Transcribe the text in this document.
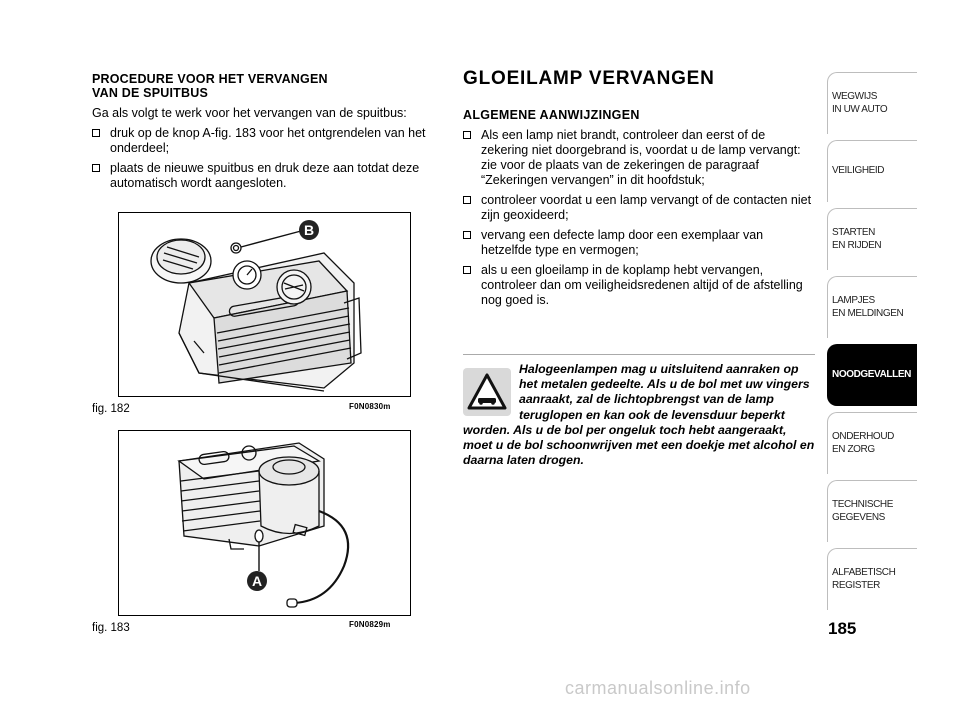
PROCEDURE VOOR HET VERVANGEN
VAN DE SPUITBUS
Ga als volgt te werk voor het vervangen van de spuitbus:
druk op de knop A-fig. 183 voor het ontgrendelen van het onderdeel;
plaats de nieuwe spuitbus en druk deze aan totdat deze automatisch wordt aangesloten.
B
fig. 182	F0N0830m
A
fig. 183	F0N0829m
GLOEILAMP VERVANGEN
ALGEMENE AANWIJZINGEN
Als een lamp niet brandt, controleer dan eerst of de zekering niet doorgebrand is, voordat u de lamp vervangt: zie voor de plaats van de zekeringen de paragraaf “Zekeringen vervangen” in dit hoofdstuk;
controleer voordat u een lamp vervangt of de contacten niet zijn geoxideerd;
vervang een defecte lamp door een exemplaar van hetzelfde type en vermogen;
als u een gloeilamp in de koplamp hebt vervangen, controleer dan om veiligheidsredenen altijd of de afstelling nog goed is.
Halogeenlampen mag u uitsluitend aanraken op het metalen gedeelte. Als u de bol met uw vingers aanraakt, zal de lichtopbrengst van de lamp teruglopen en kan ook de levensduur beperkt worden. Als u de bol per ongeluk toch hebt aangeraakt, moet u de bol schoonwrijven met een doekje met alcohol en daarna laten drogen.
WEGWIJS
IN UW AUTO
VEILIGHEID
STARTEN
EN RIJDEN
LAMPJES
EN MELDINGEN
NOODGEVALLEN
ONDERHOUD
EN ZORG
TECHNISCHE
GEGEVENS
ALFABETISCH
REGISTER
185
carmanualsonline.info
